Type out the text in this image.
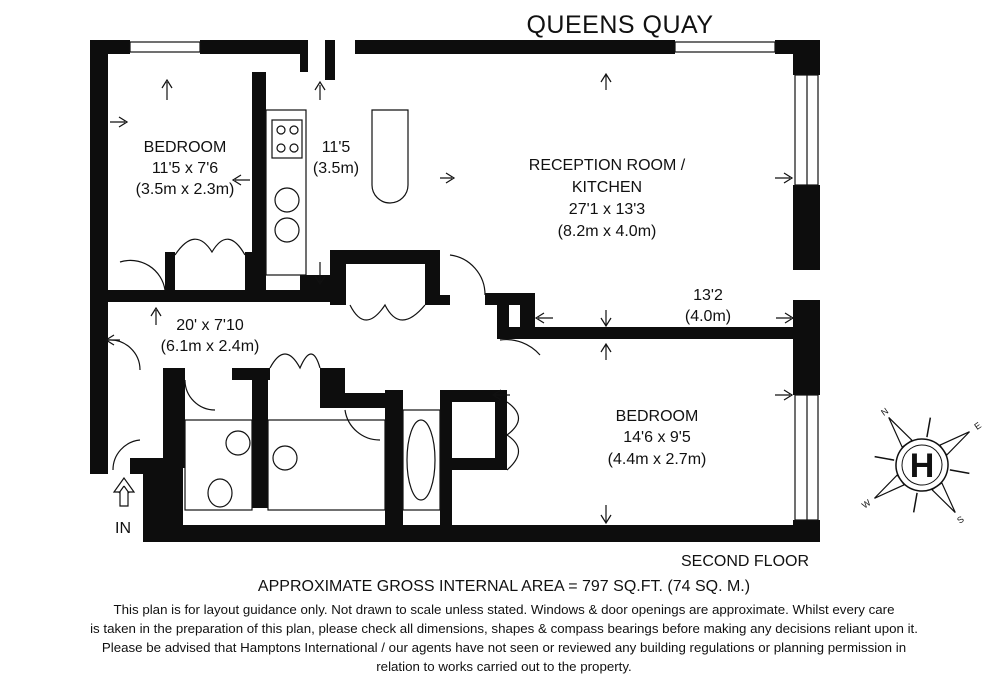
QUEENS QUAY
IN
BEDROOM
11'5 x 7'6
(3.5m x 2.3m)
11'5
(3.5m)	RECEPTION ROOM /
KITCHEN
27'1 x 13'3
(8.2m x 4.0m)
13'2
(4.0m)
20' x 7'10
(6.1m x 2.4m)
BEDROOM
14'6 x 9'5
(4.4m x 2.7m)
N
E
S
W
H
SECOND FLOOR
APPROXIMATE GROSS INTERNAL AREA = 797 SQ.FT. (74 SQ. M.)
This plan is for layout guidance only. Not drawn to scale unless stated. Windows & door openings are approximate. Whilst every care
is taken in the preparation of this plan, please check all dimensions, shapes & compass bearings before making any decisions reliant upon it.
Please be advised that Hamptons International / our agents have not seen or reviewed any building regulations or planning permission in
relation to works carried out to the property.
